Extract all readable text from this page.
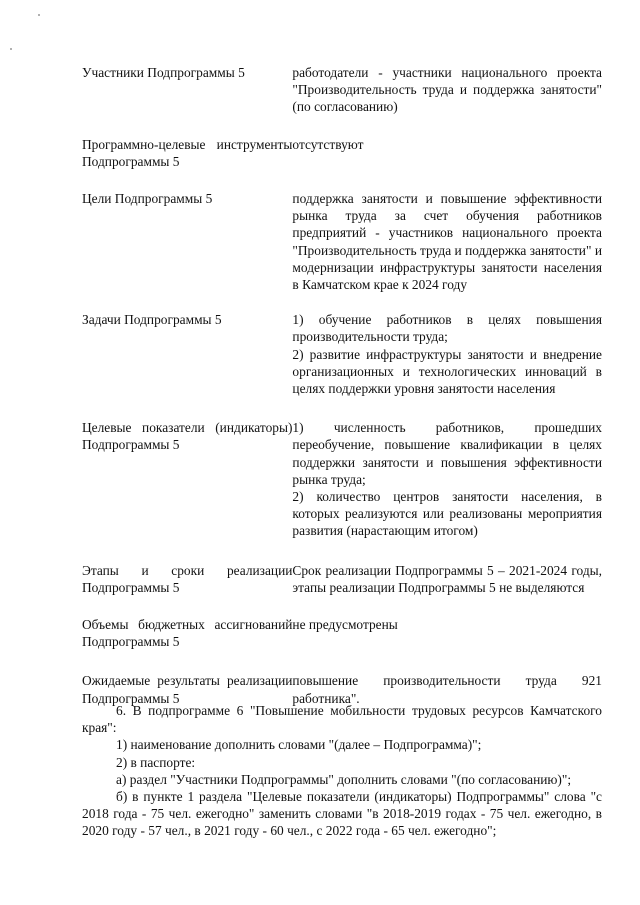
Участники Подпрограммы 5	работодатели - участники национального проекта "Производительность труда и поддержка занятости" (по согласованию)

Программно-целевые инструменты Подпрограммы 5	отсутствуют

Цели Подпрограммы 5	поддержка занятости и повышение эффективности рынка труда за счет обучения работников предприятий - участников национального проекта "Производительность труда и поддержка занятости" и модернизации инфраструктуры занятости населения в Камчатском крае к 2024 году

Задачи Подпрограммы 5	1) обучение работников в целях повышения производительности труда;
2) развитие инфраструктуры занятости и внедрение организационных и технологических инноваций в целях поддержки уровня занятости населения

Целевые показатели (индикаторы) Подпрограммы 5	1) численность работников, прошедших переобучение, повышение квалификации в целях поддержки занятости и повышения эффективности рынка труда;
2) количество центров занятости населения, в которых реализуются или реализованы мероприятия развития (нарастающим итогом)

Этапы и сроки реализации Подпрограммы 5	Срок реализации Подпрограммы 5 – 2021-2024 годы, этапы реализации Подпрограммы 5 не выделяются

Объемы бюджетных ассигнований Подпрограммы 5	не предусмотрены

Ожидаемые результаты реализации Подпрограммы 5	повышение производительности труда 921 работника".

6. В подпрограмме 6 "Повышение мобильности трудовых ресурсов Камчатского края":

1) наименование дополнить словами "(далее – Подпрограмма)";

2) в паспорте:

а) раздел "Участники Подпрограммы" дополнить словами "(по согласованию)";

б) в пункте 1 раздела "Целевые показатели (индикаторы) Подпрограммы" слова "с 2018 года - 75 чел. ежегодно" заменить словами "в 2018-2019 годах - 75 чел. ежегодно, в 2020 году - 57 чел., в 2021 году - 60 чел., с 2022 года - 65 чел. ежегодно";
